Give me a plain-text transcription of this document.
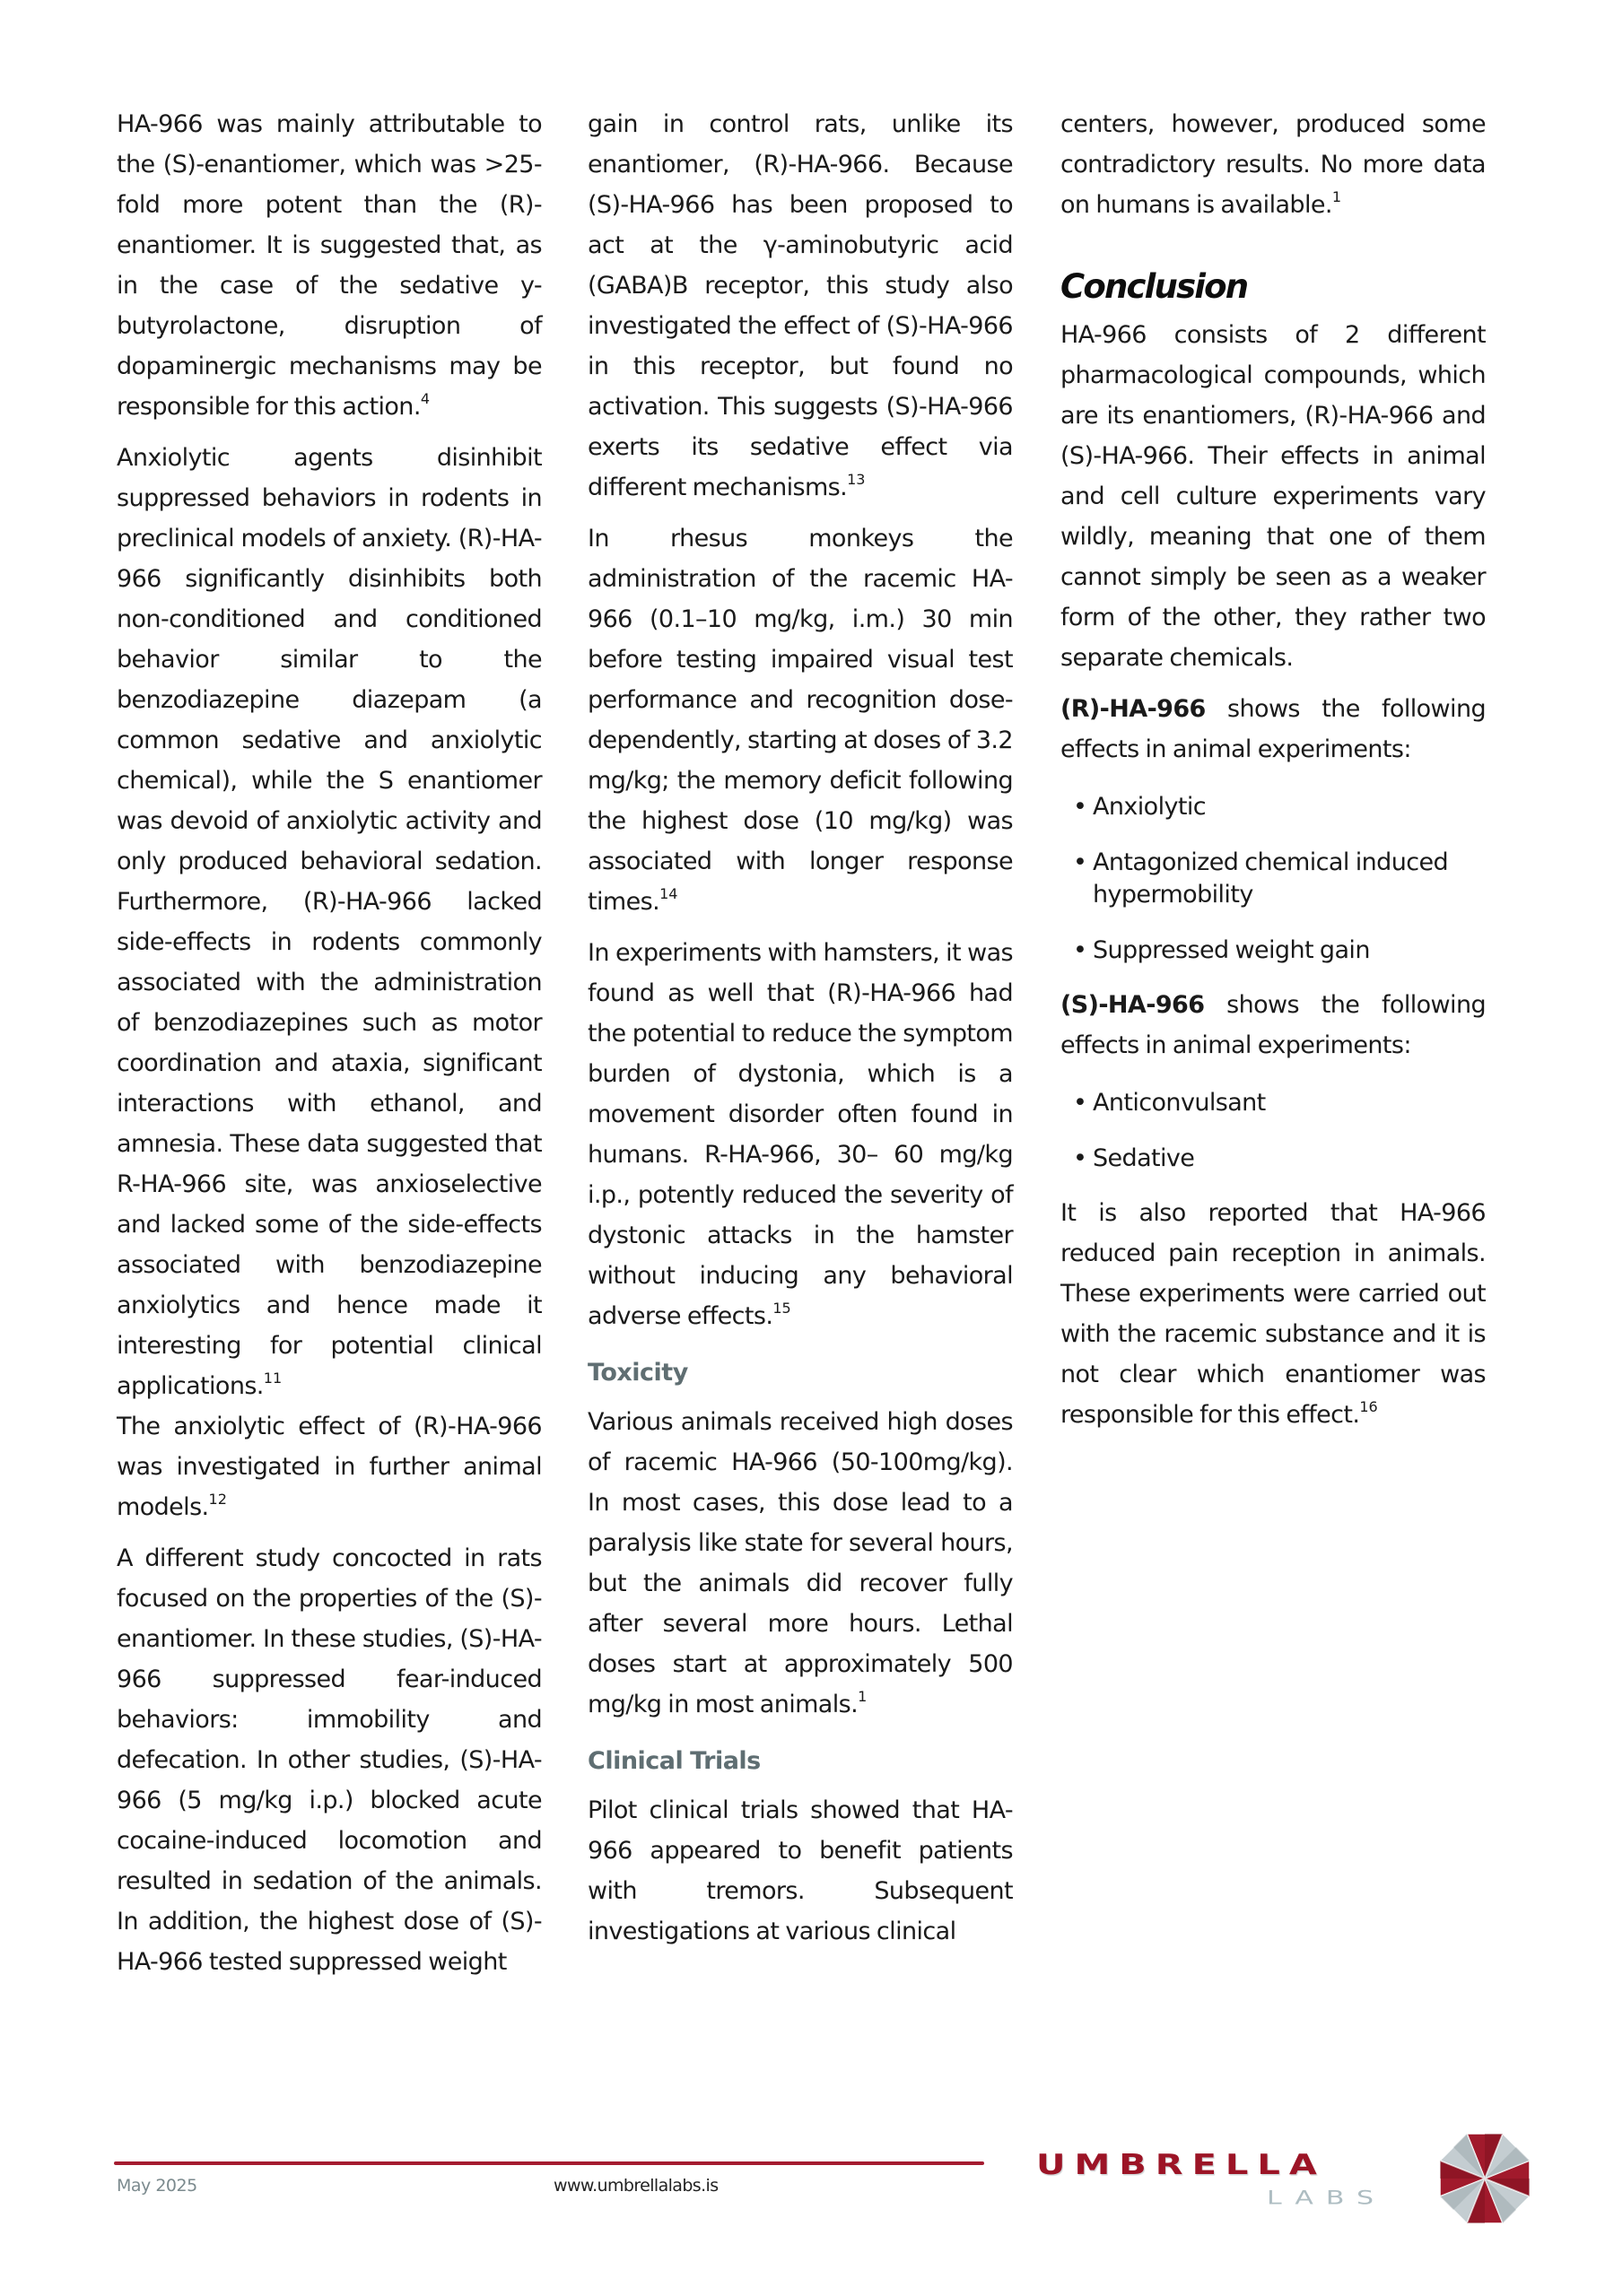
HA-966 was mainly attributable to the (S)-enantiomer, which was >25-fold more potent than the (R)-enantiomer. It is suggested that, as in the case of the sedative y-butyrolactone, disruption of dopaminergic mechanisms may be responsible for this action.$^4$

Anxiolytic agents disinhibit suppressed behaviors in rodents in preclinical models of anxiety. (R)-HA- 966 significantly disinhibits both non-conditioned and conditioned behavior similar to the benzodiazepine diazepam (a common sedative and anxiolytic chemical), while the S enantiomer was devoid of anxiolytic activity and only produced behavioral sedation. Furthermore, (R)-HA-966 lacked side-effects in rodents commonly associated with the administration of benzodiazepines such as motor coordination and ataxia, significant interactions with ethanol, and amnesia. These data suggested that R-HA-966 site, was anxioselective and lacked some of the side-effects associated with benzodiazepine anxiolytics and hence made it interesting for potential clinical applications.$^{11}$

The anxiolytic effect of (R)-HA-966 was investigated in further animal models.$^{12}$

A different study concocted in rats focused on the properties of the (S)-enantiomer. In these studies, (S)-HA-966 suppressed fear-induced behaviors: immobility and defecation. In other studies, (S)-HA- 966 (5 mg/kg i.p.) blocked acute cocaine-induced locomotion and resulted in sedation of the animals. In addition, the highest dose of (S)-HA-966 tested suppressed weight

gain in control rats, unlike its enantiomer, (R)-HA-966. Because (S)-HA-966 has been proposed to act at the γ-aminobutyric acid (GABA)B receptor, this study also investigated the effect of (S)-HA-966 in this receptor, but found no activation. This suggests (S)-HA-966 exerts its sedative effect via different mechanisms.$^{13}$

In rhesus monkeys the administration of the racemic HA-966 (0.1–10 mg/kg, i.m.) 30 min before testing impaired visual test performance and recognition dose-dependently, starting at doses of 3.2 mg/kg; the memory deficit following the highest dose (10 mg/kg) was associated with longer response times.$^{14}$

In experiments with hamsters, it was found as well that (R)-HA-966 had the potential to reduce the symptom burden of dystonia, which is a movement disorder often found in humans. R-HA-966, 30– 60 mg/kg i.p., potently reduced the severity of dystonic attacks in the hamster without inducing any behavioral adverse effects.$^{15}$

Toxicity

Various animals received high doses of racemic HA-966 (50-100mg/kg). In most cases, this dose lead to a paralysis like state for several hours, but the animals did recover fully after several more hours. Lethal doses start at approximately 500 mg/kg in most animals.$^1$

Clinical Trials

Pilot clinical trials showed that HA-966 appeared to benefit patients with tremors. Subsequent investigations at various clinical

centers, however, produced some contradictory results. No more data on humans is available.$^1$

Conclusion

HA-966 consists of 2 different pharmacological compounds, which are its enantiomers, (R)-HA-966 and (S)-HA-966. Their effects in animal and cell culture experiments vary wildly, meaning that one of them cannot simply be seen as a weaker form of the other, they rather two separate chemicals.

(R)-HA-966 shows the following effects in animal experiments:

• Anxiolytic
• Antagonized chemical induced hypermobility
• Suppressed weight gain

(S)-HA-966 shows the following effects in animal experiments:

• Anticonvulsant
• Sedative

It is also reported that HA-966 reduced pain reception in animals. These experiments were carried out with the racemic substance and it is not clear which enantiomer was responsible for this effect.$^{16}$

May 2025	www.umbrellalabs.is
UMBRELLA
LABS
